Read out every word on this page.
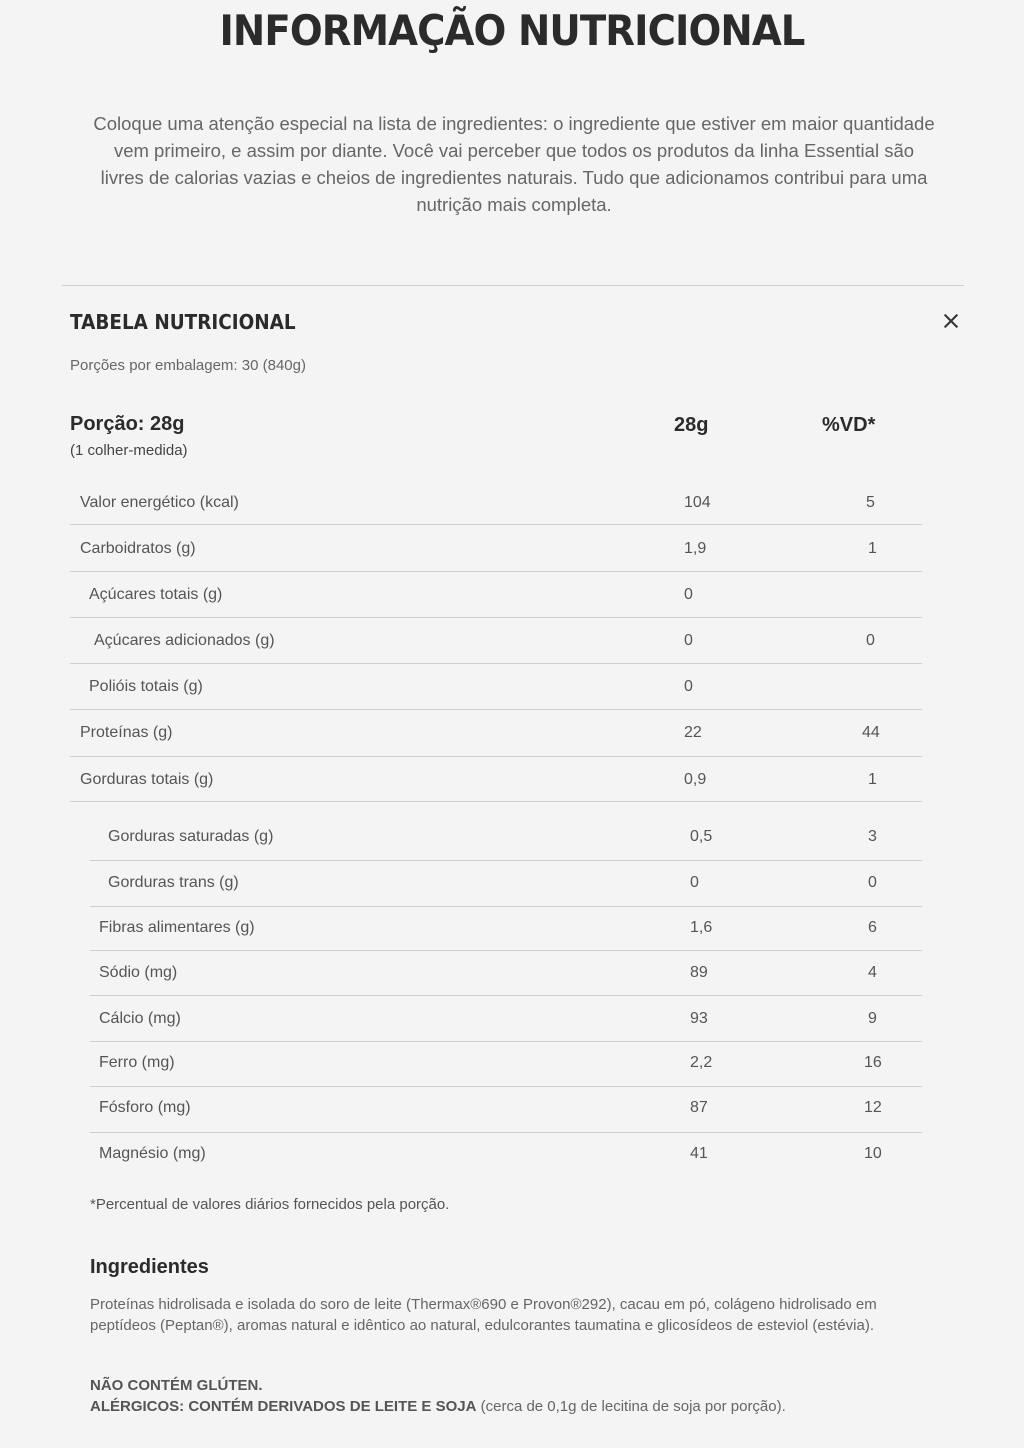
INFORMAÇÃO NUTRICIONAL

Coloque uma atenção especial na lista de ingredientes: o ingrediente que estiver em maior quantidade vem primeiro, e assim por diante. Você vai perceber que todos os produtos da linha Essential são livres de calorias vazias e cheios de ingredientes naturais. Tudo que adicionamos contribui para uma nutrição mais completa.

TABELA NUTRICIONAL
Porções por embalagem: 30 (840g)
Porção: 28g
(1 colher-medida)
28g	%VD*
Valor energético (kcal)	104	5
Carboidratos (g)	1,9	1
Açúcares totais (g)	0
Açúcares adicionados (g)	0	0
Polióis totais (g)	0
Proteínas (g)	22	44
Gorduras totais (g)	0,9	1
Gorduras saturadas (g)	0,5	3
Gorduras trans (g)	0	0
Fibras alimentares (g)	1,6	6
Sódio (mg)	89	4
Cálcio (mg)	93	9
Ferro (mg)	2,2	16
Fósforo (mg)	87	12
Magnésio (mg)	41	10
*Percentual de valores diários fornecidos pela porção.
Ingredientes

Proteínas hidrolisada e isolada do soro de leite (Thermax®690 e Provon®292), cacau em pó, colágeno hidrolisado em peptídeos (Peptan®), aromas natural e idêntico ao natural, edulcorantes taumatina e glicosídeos de esteviol (estévia).

NÃO CONTÉM GLÚTEN.
ALÉRGICOS: CONTÉM DERIVADOS DE LEITE E SOJA (cerca de 0,1g de lecitina de soja por porção).
